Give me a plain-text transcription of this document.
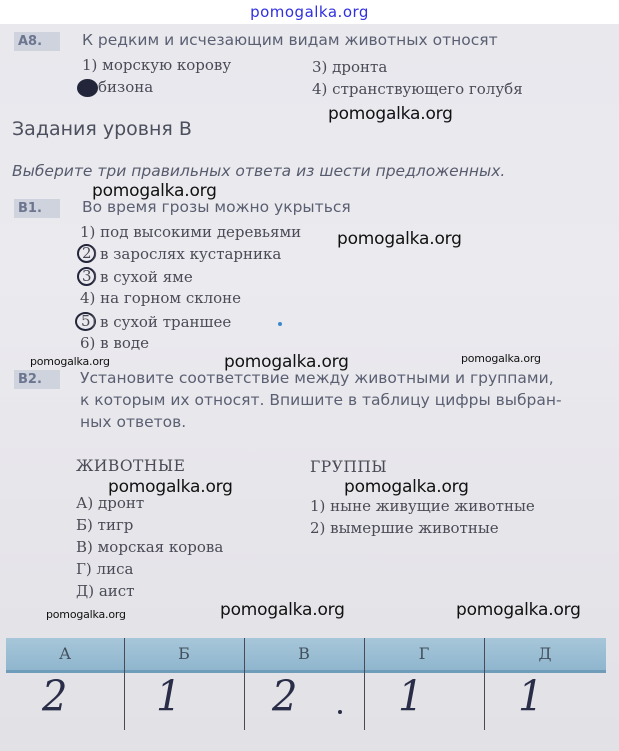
pomogalka.org
А8.	К редким и исчезающим видам животных относят
1) морскую корову
бизона
3) дронта
4) странствующего голубя
Задания уровня В
Выберите три правильных ответа из шести предложенных.
В1.	Во время грозы можно укрыться
1) под высокими деревьями
2) в зарослях кустарника
3) в сухой яме
4) на горном склоне
5) в сухой траншее
6) в воде
В2.	Установите соответствие между животными и группами,
к которым их относят. Впишите в таблицу цифры выбран-
ных ответов.
ЖИВОТНЫЕ
А) дронт
Б) тигр
В) морская корова
Г) лиса
Д) аист
ГРУППЫ
1) ныне живущие животные
2) вымершие животные
А	Б	В	Г	Д
2 1 2	1 1
pomogalka.org
pomogalka.org
pomogalka.org
pomogalka.org	pomogalka.org	pomogalka.org
pomogalka.org	pomogalka.org
pomogalka.org	pomogalka.org	pomogalka.org
